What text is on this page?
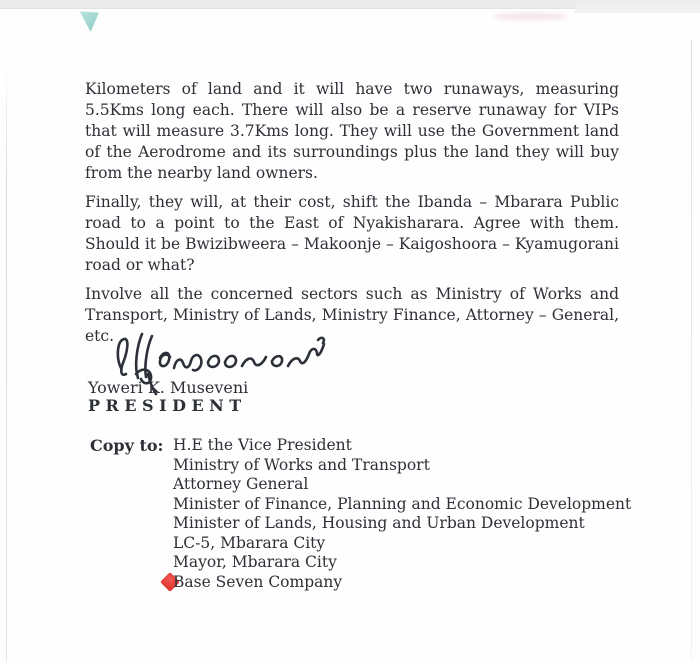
Kilometers of land and it will have two runaways, measuring 5.5Kms long each. There will also be a reserve runaway for VIPs that will measure 3.7Kms long. They will use the Government land of the Aerodrome and its surroundings plus the land they will buy from the nearby land owners.

Finally, they will, at their cost, shift the Ibanda – Mbarara Public road to a point to the East of Nyakisharara. Agree with them. Should it be Bwizibweera – Makoonje – Kaigoshoora – Kyamugorani road or what?

Involve all the concerned sectors such as Ministry of Works and Transport, Ministry of Lands, Ministry Finance, Attorney – General, etc.

Yoweri K. Museveni
PRESIDENT
Copy to: H.E the Vice President
Ministry of Works and Transport
Attorney General
Minister of Finance, Planning and Economic Development
Minister of Lands, Housing and Urban Development
LC-5, Mbarara City
Mayor, Mbarara City
Base Seven Company
